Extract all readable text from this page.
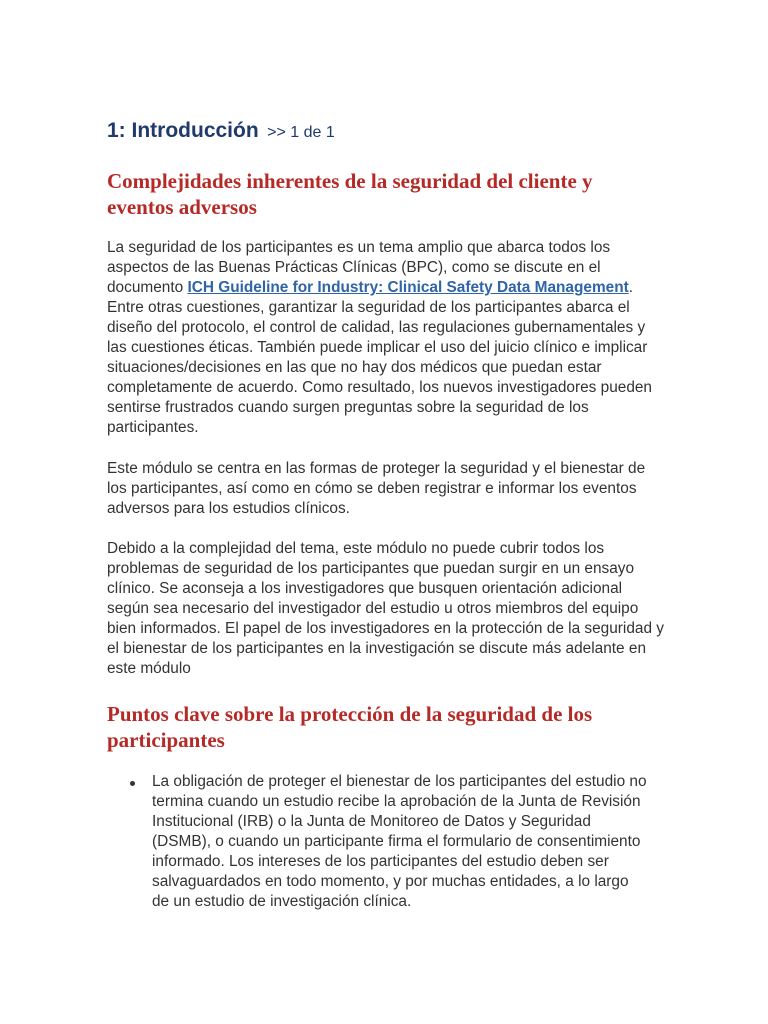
1: Introducción >> 1 de 1
Complejidades inherentes de la seguridad del cliente y eventos adversos

La seguridad de los participantes es un tema amplio que abarca todos los aspectos de las Buenas Prácticas Clínicas (BPC), como se discute en el documento ICH Guideline for Industry: Clinical Safety Data Management. Entre otras cuestiones, garantizar la seguridad de los participantes abarca el diseño del protocolo, el control de calidad, las regulaciones gubernamentales y las cuestiones éticas. También puede implicar el uso del juicio clínico e implicar situaciones/decisiones en las que no hay dos médicos que puedan estar completamente de acuerdo. Como resultado, los nuevos investigadores pueden sentirse frustrados cuando surgen preguntas sobre la seguridad de los participantes.

Este módulo se centra en las formas de proteger la seguridad y el bienestar de los participantes, así como en cómo se deben registrar e informar los eventos adversos para los estudios clínicos.

Debido a la complejidad del tema, este módulo no puede cubrir todos los problemas de seguridad de los participantes que puedan surgir en un ensayo clínico. Se aconseja a los investigadores que busquen orientación adicional según sea necesario del investigador del estudio u otros miembros del equipo bien informados. El papel de los investigadores en la protección de la seguridad y el bienestar de los participantes en la investigación se discute más adelante en este módulo

Puntos clave sobre la protección de la seguridad de los participantes
La obligación de proteger el bienestar de los participantes del estudio no termina cuando un estudio recibe la aprobación de la Junta de Revisión Institucional (IRB) o la Junta de Monitoreo de Datos y Seguridad (DSMB), o cuando un participante firma el formulario de consentimiento informado. Los intereses de los participantes del estudio deben ser salvaguardados en todo momento, y por muchas entidades, a lo largo de un estudio de investigación clínica.
